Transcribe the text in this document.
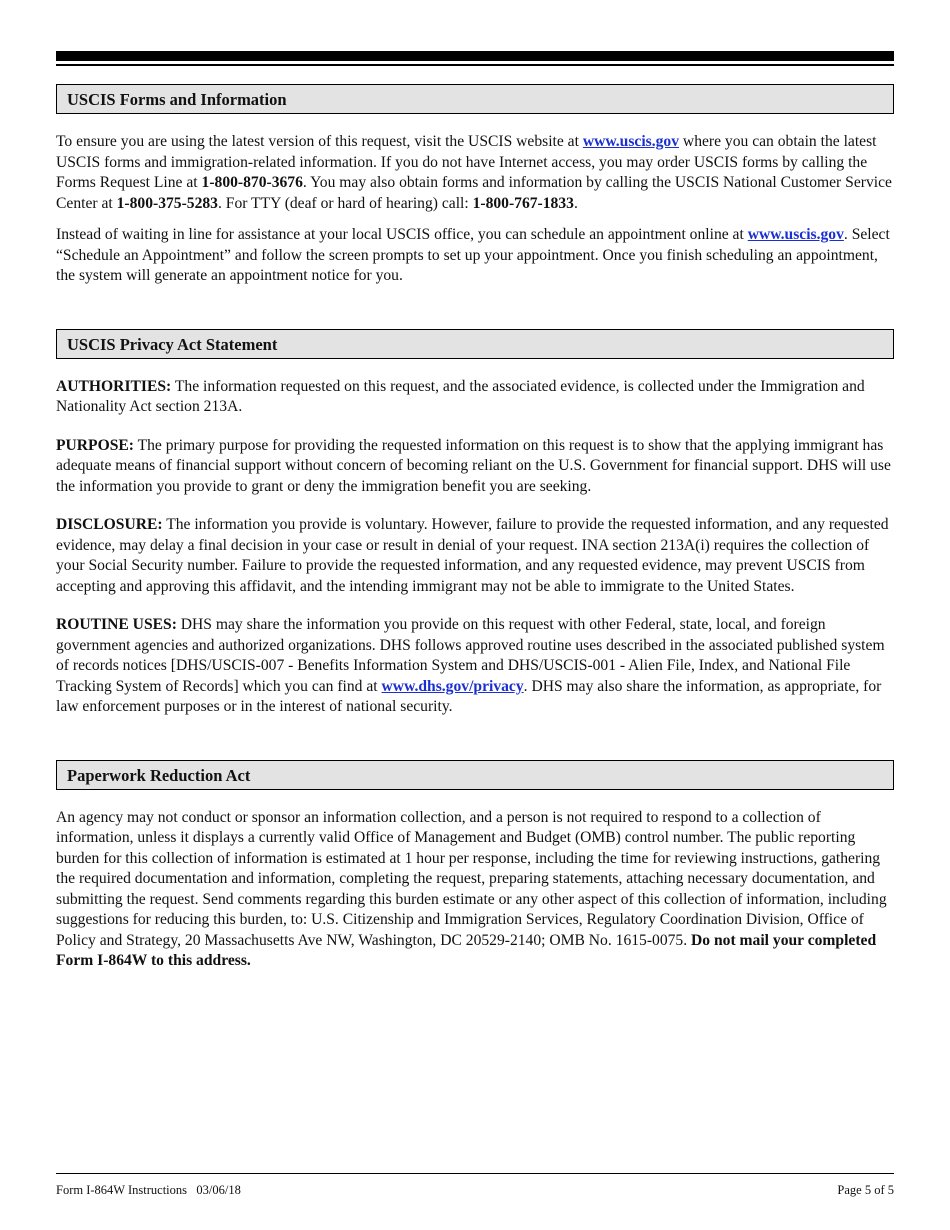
USCIS Forms and Information

To ensure you are using the latest version of this request, visit the USCIS website at www.uscis.gov where you can obtain the latest USCIS forms and immigration-related information. If you do not have Internet access, you may order USCIS forms by calling the Forms Request Line at 1-800-870-3676. You may also obtain forms and information by calling the USCIS National Customer Service Center at 1-800-375-5283. For TTY (deaf or hard of hearing) call: 1-800-767-1833.

Instead of waiting in line for assistance at your local USCIS office, you can schedule an appointment online at www.uscis.gov. Select “Schedule an Appointment” and follow the screen prompts to set up your appointment. Once you finish scheduling an appointment, the system will generate an appointment notice for you.

USCIS Privacy Act Statement

AUTHORITIES: The information requested on this request, and the associated evidence, is collected under the Immigration and Nationality Act section 213A.

PURPOSE: The primary purpose for providing the requested information on this request is to show that the applying immigrant has adequate means of financial support without concern of becoming reliant on the U.S. Government for financial support. DHS will use the information you provide to grant or deny the immigration benefit you are seeking.

DISCLOSURE: The information you provide is voluntary. However, failure to provide the requested information, and any requested evidence, may delay a final decision in your case or result in denial of your request. INA section 213A(i) requires the collection of your Social Security number. Failure to provide the requested information, and any requested evidence, may prevent USCIS from accepting and approving this affidavit, and the intending immigrant may not be able to immigrate to the United States.

ROUTINE USES: DHS may share the information you provide on this request with other Federal, state, local, and foreign government agencies and authorized organizations. DHS follows approved routine uses described in the associated published system of records notices [DHS/USCIS-007 - Benefits Information System and DHS/USCIS-001 - Alien File, Index, and National File Tracking System of Records] which you can find at www.dhs.gov/privacy. DHS may also share the information, as appropriate, for law enforcement purposes or in the interest of national security.

Paperwork Reduction Act

An agency may not conduct or sponsor an information collection, and a person is not required to respond to a collection of information, unless it displays a currently valid Office of Management and Budget (OMB) control number. The public reporting burden for this collection of information is estimated at 1 hour per response, including the time for reviewing instructions, gathering the required documentation and information, completing the request, preparing statements, attaching necessary documentation, and submitting the request. Send comments regarding this burden estimate or any other aspect of this collection of information, including suggestions for reducing this burden, to: U.S. Citizenship and Immigration Services, Regulatory Coordination Division, Office of Policy and Strategy, 20 Massachusetts Ave NW, Washington, DC 20529-2140; OMB No. 1615-0075. Do not mail your completed Form I-864W to this address.

Form I-864W Instructions   03/06/18	Page 5 of 5
